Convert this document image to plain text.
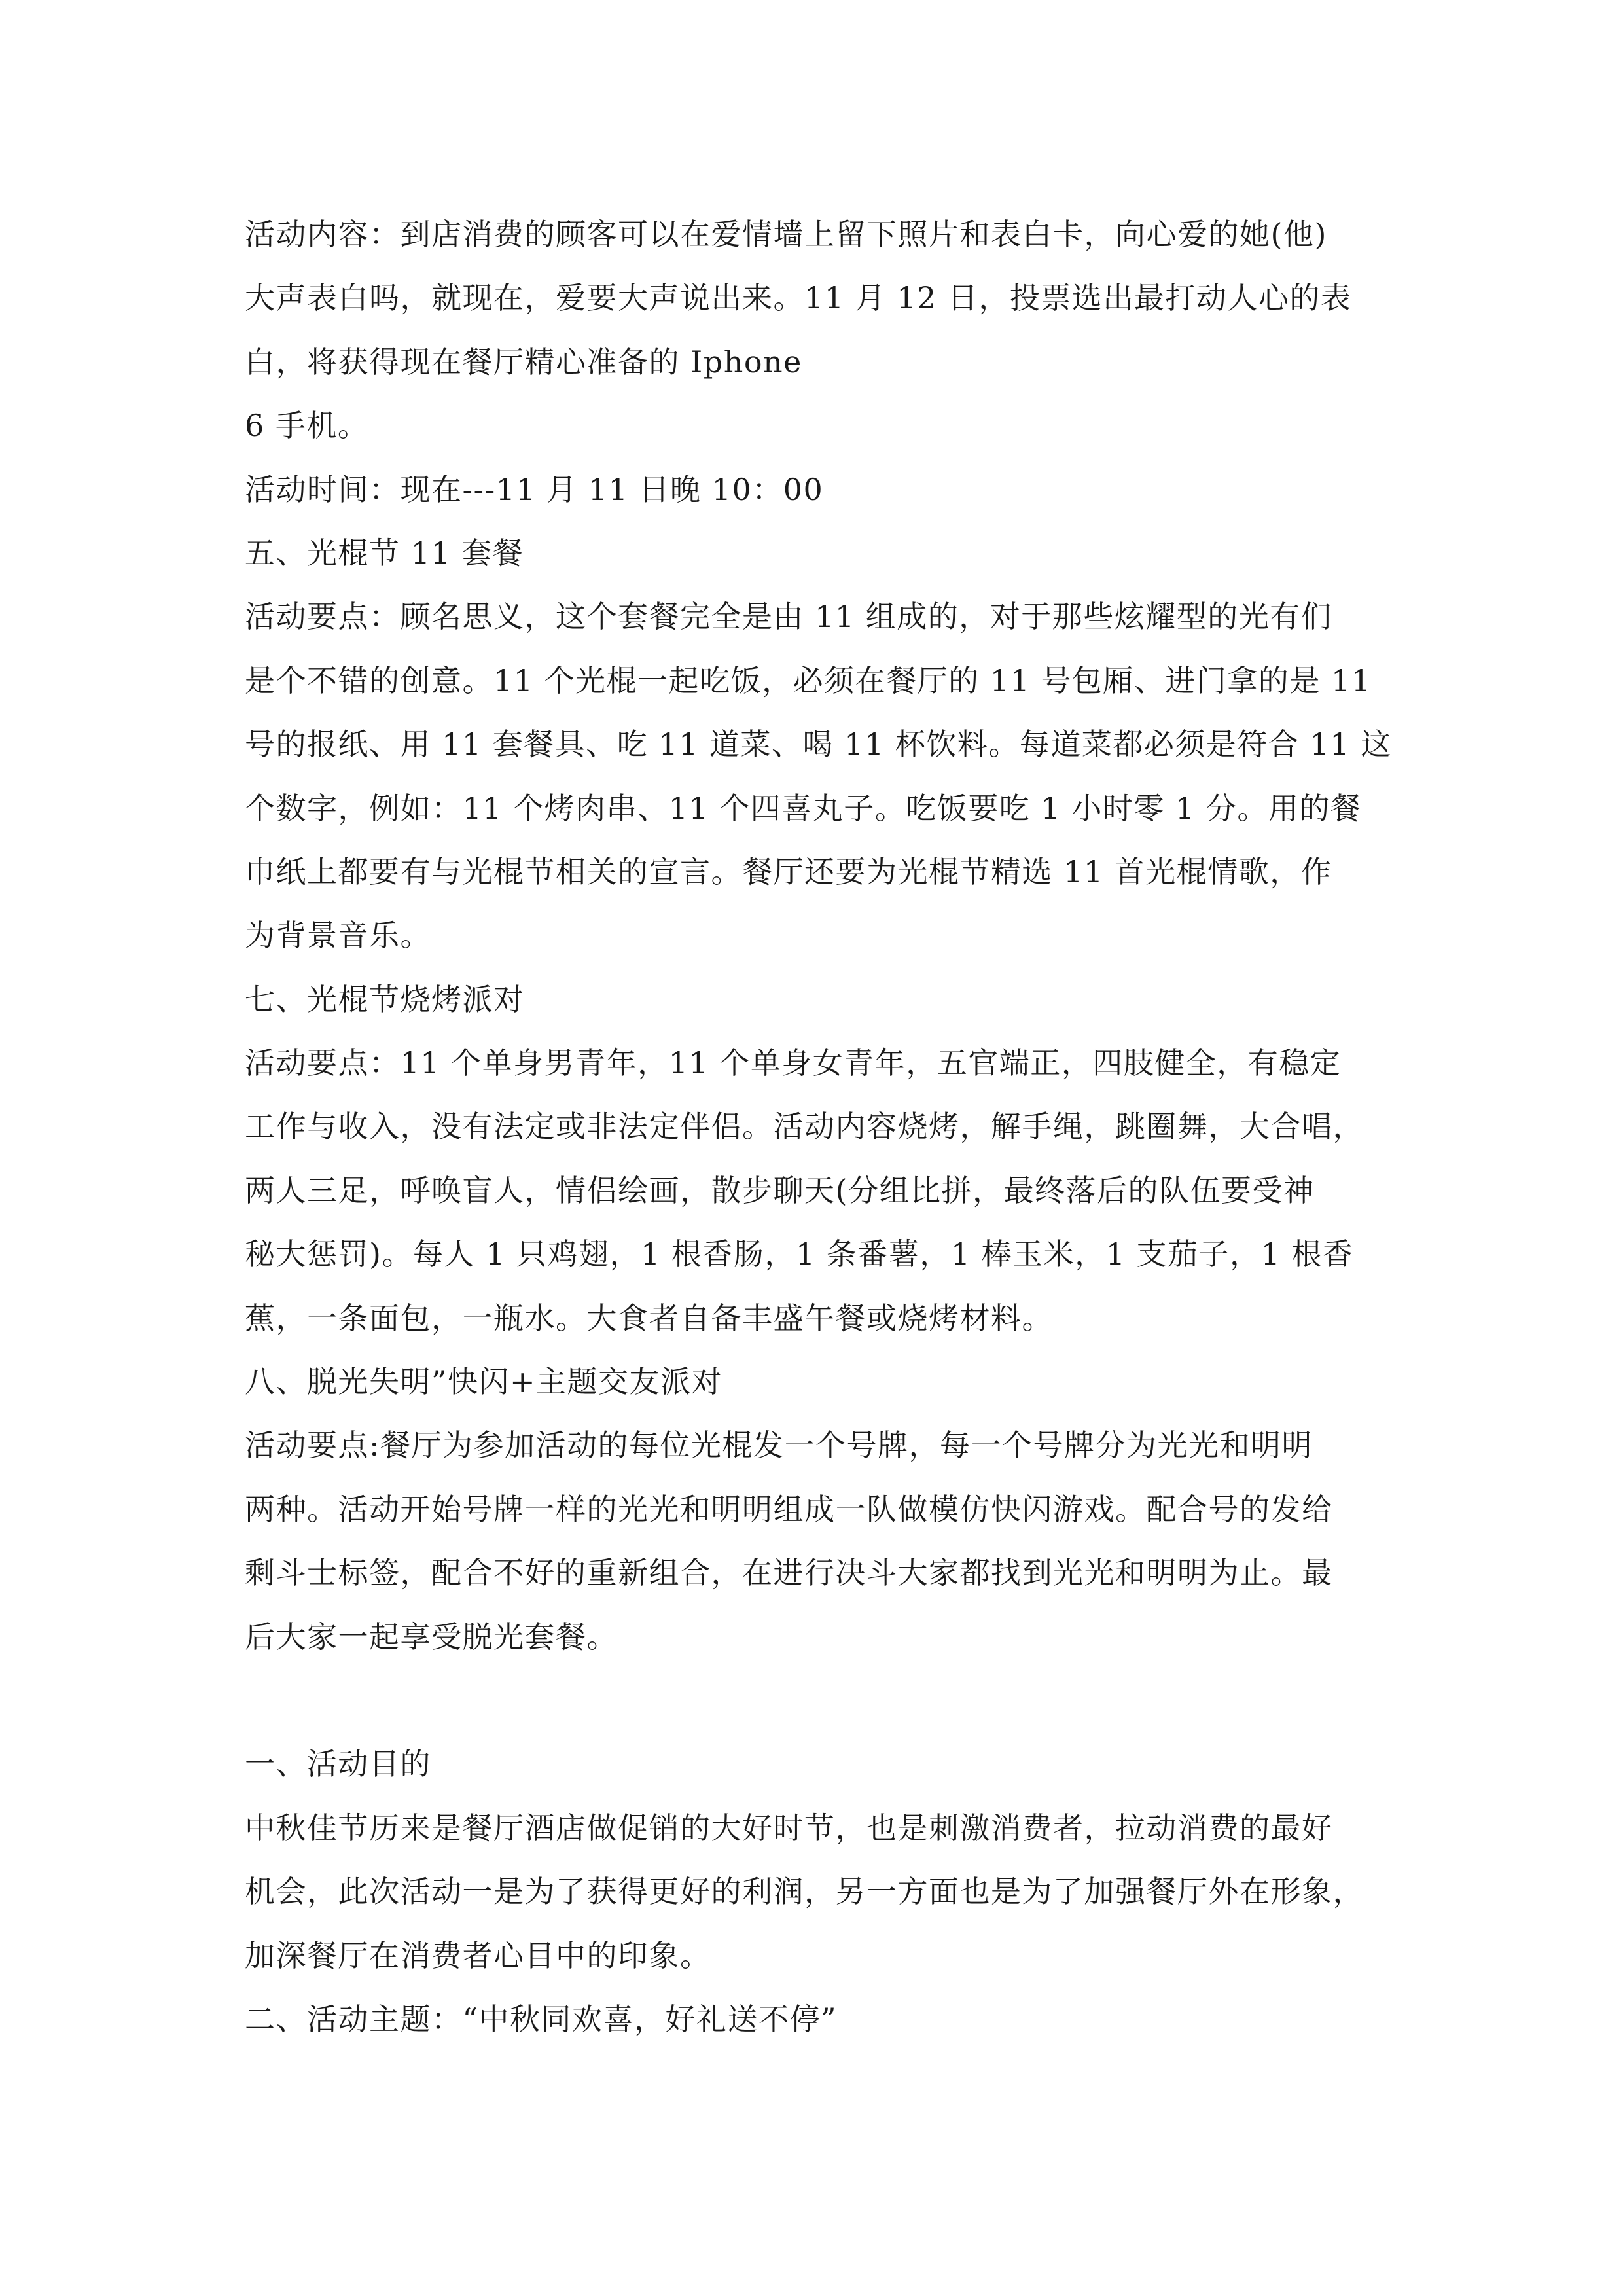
活动内容：到店消费的顾客可以在爱情墙上留下照片和表白卡，向心爱的她(他)
大声表白吗，就现在，爱要大声说出来。11 月 12 日，投票选出最打动人心的表
白，将获得现在餐厅精心准备的 Iphone
6 手机。
活动时间：现在---11 月 11 日晚 10：00
五、光棍节 11 套餐
活动要点：顾名思义，这个套餐完全是由 11 组成的，对于那些炫耀型的光有们
是个不错的创意。11 个光棍一起吃饭，必须在餐厅的 11 号包厢、进门拿的是 11
号的报纸、用 11 套餐具、吃 11 道菜、喝 11 杯饮料。每道菜都必须是符合 11 这
个数字，例如：11 个烤肉串、11 个四喜丸子。吃饭要吃 1 小时零 1 分。用的餐
巾纸上都要有与光棍节相关的宣言。餐厅还要为光棍节精选 11 首光棍情歌，作
为背景音乐。
七、光棍节烧烤派对
活动要点：11 个单身男青年，11 个单身女青年，五官端正，四肢健全，有稳定
工作与收入，没有法定或非法定伴侣。活动内容烧烤，解手绳，跳圈舞，大合唱，
两人三足，呼唤盲人，情侣绘画，散步聊天(分组比拼，最终落后的队伍要受神
秘大惩罚)。每人 1 只鸡翅，1 根香肠，1 条番薯，1 棒玉米，1 支茄子，1 根香
蕉，一条面包，一瓶水。大食者自备丰盛午餐或烧烤材料。
八、脱光失明”快闪+主题交友派对
活动要点:餐厅为参加活动的每位光棍发一个号牌，每一个号牌分为光光和明明
两种。活动开始号牌一样的光光和明明组成一队做模仿快闪游戏。配合号的发给
剩斗士标签，配合不好的重新组合，在进行决斗大家都找到光光和明明为止。最
后大家一起享受脱光套餐。
一、活动目的
中秋佳节历来是餐厅酒店做促销的大好时节，也是刺激消费者，拉动消费的最好
机会，此次活动一是为了获得更好的利润，另一方面也是为了加强餐厅外在形象，
加深餐厅在消费者心目中的印象。
二、活动主题：“中秋同欢喜，好礼送不停”
